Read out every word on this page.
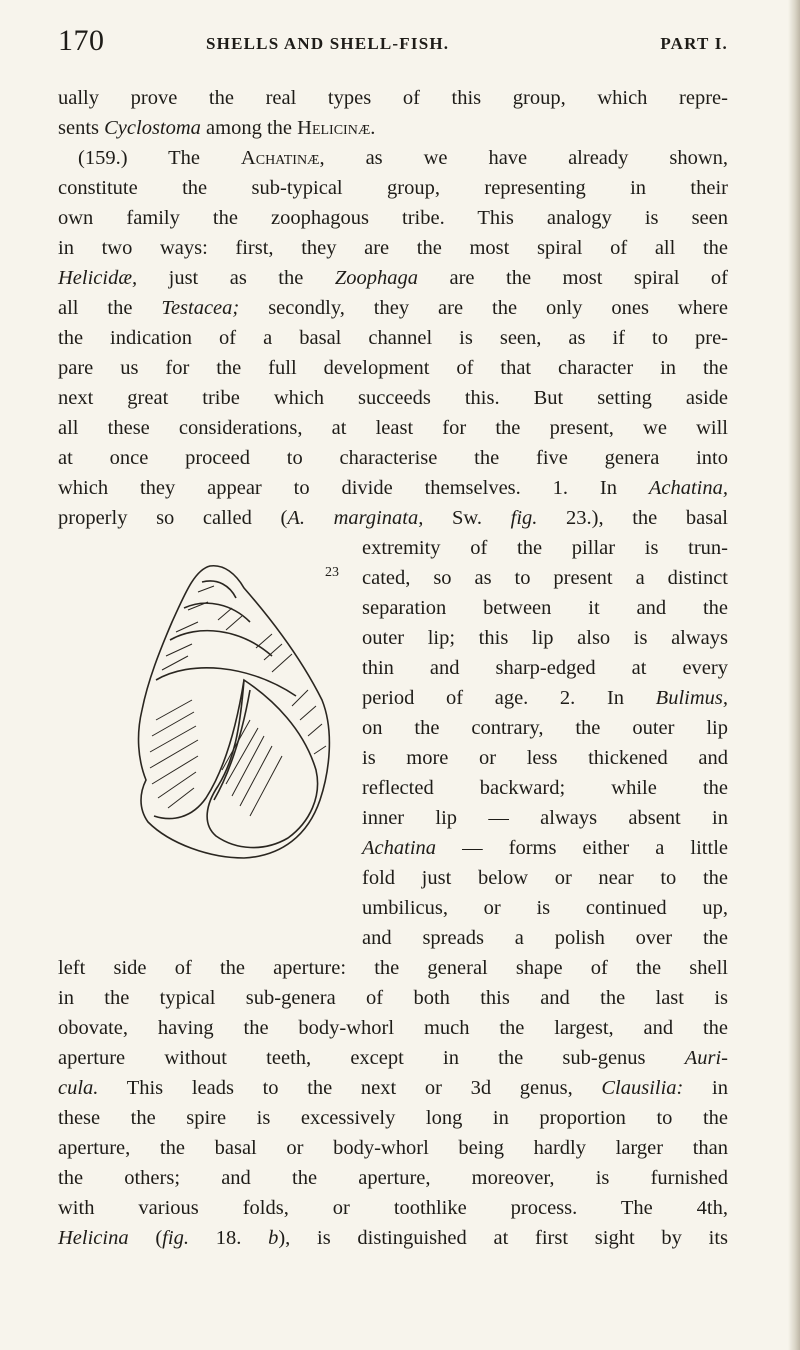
170	SHELLS AND SHELL-FISH.	PART I.
ually prove the real types of this group, which repre-
sents Cyclostoma among the Helicinæ.
(159.) The Achatinæ, as we have already shown,
constitute the sub-typical group, representing in their
own family the zoophagous tribe. This analogy is seen
in two ways: first, they are the most spiral of all the
Helicidæ, just as the Zoophaga are the most spiral of
all the Testacea; secondly, they are the only ones where
the indication of a basal channel is seen, as if to pre-
pare us for the full development of that character in the
next great tribe which succeeds this. But setting aside
all these considerations, at least for the present, we will
at once proceed to characterise the five genera into
which they appear to divide themselves. 1. In Achatina,
properly so called (A. marginata, Sw. fig. 23.), the basal
extremity of the pillar is trun-
cated, so as to present a distinct
separation between it and the
outer lip; this lip also is always
thin and sharp-edged at every
period of age. 2. In Bulimus,
on the contrary, the outer lip
is more or less thickened and
reflected backward; while the
inner lip — always absent in
Achatina — forms either a little
fold just below or near to the
umbilicus, or is continued up,
and spreads a polish over the
left side of the aperture: the general shape of the shell
in the typical sub-genera of both this and the last is
obovate, having the body-whorl much the largest, and the
aperture without teeth, except in the sub-genus Auri-
cula. This leads to the next or 3d genus, Clausilia: in
these the spire is excessively long in proportion to the
aperture, the basal or body-whorl being hardly larger than
the others; and the aperture, moreover, is furnished
with various folds, or toothlike process. The 4th,
Helicina (fig. 18. b), is distinguished at first sight by its
23
